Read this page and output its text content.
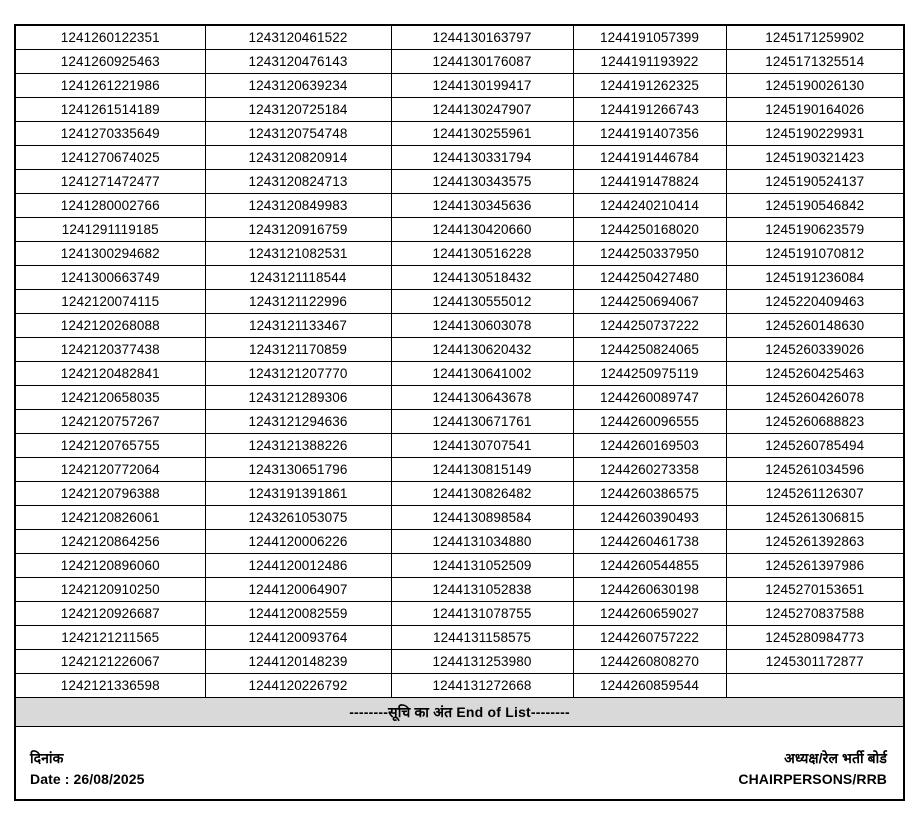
1241260122351	1243120461522	1244130163797	1244191057399	1245171259902
1241260925463	1243120476143	1244130176087	1244191193922	1245171325514
1241261221986	1243120639234	1244130199417	1244191262325	1245190026130
1241261514189	1243120725184	1244130247907	1244191266743	1245190164026
1241270335649	1243120754748	1244130255961	1244191407356	1245190229931
1241270674025	1243120820914	1244130331794	1244191446784	1245190321423
1241271472477	1243120824713	1244130343575	1244191478824	1245190524137
1241280002766	1243120849983	1244130345636	1244240210414	1245190546842
1241291119185	1243120916759	1244130420660	1244250168020	1245190623579
1241300294682	1243121082531	1244130516228	1244250337950	1245191070812
1241300663749	1243121118544	1244130518432	1244250427480	1245191236084
1242120074115	1243121122996	1244130555012	1244250694067	1245220409463
1242120268088	1243121133467	1244130603078	1244250737222	1245260148630
1242120377438	1243121170859	1244130620432	1244250824065	1245260339026
1242120482841	1243121207770	1244130641002	1244250975119	1245260425463
1242120658035	1243121289306	1244130643678	1244260089747	1245260426078
1242120757267	1243121294636	1244130671761	1244260096555	1245260688823
1242120765755	1243121388226	1244130707541	1244260169503	1245260785494
1242120772064	1243130651796	1244130815149	1244260273358	1245261034596
1242120796388	1243191391861	1244130826482	1244260386575	1245261126307
1242120826061	1243261053075	1244130898584	1244260390493	1245261306815
1242120864256	1244120006226	1244131034880	1244260461738	1245261392863
1242120896060	1244120012486	1244131052509	1244260544855	1245261397986
1242120910250	1244120064907	1244131052838	1244260630198	1245270153651
1242120926687	1244120082559	1244131078755	1244260659027	1245270837588
1242121211565	1244120093764	1244131158575	1244260757222	1245280984773
1242121226067	1244120148239	1244131253980	1244260808270	1245301172877
1242121336598	1244120226792	1244131272668	1244260859544	
--------सूचि का अंत End of List--------				

दिनांक
Date : 26/08/2025
अध्यक्ष/रेल भर्ती बोर्ड
CHAIRPERSONS/RRB				
